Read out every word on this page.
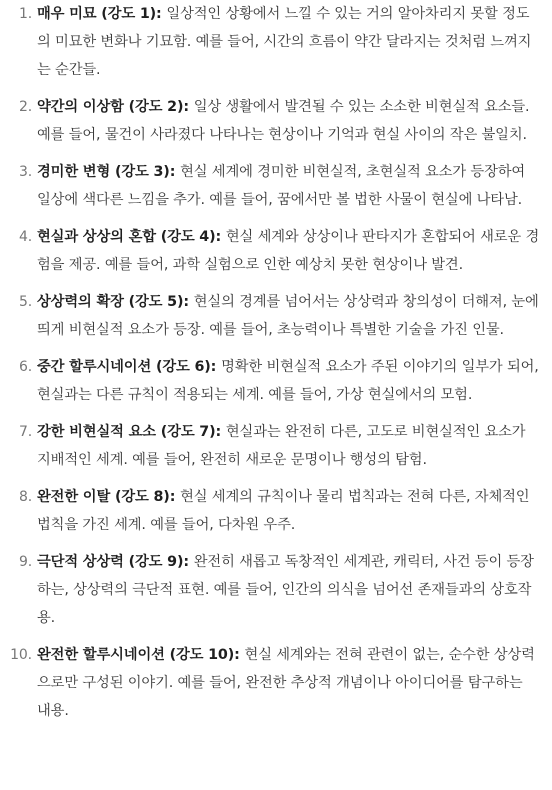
1. 매우 미묘 (강도 1): 일상적인 상황에서 느낄 수 있는 거의 알아차리지 못할 정도의 미묘한 변화나 기묘함. 예를 들어, 시간의 흐름이 약간 달라지는 것처럼 느껴지는 순간들.
2. 약간의 이상함 (강도 2): 일상 생활에서 발견될 수 있는 소소한 비현실적 요소들. 예를 들어, 물건이 사라졌다 나타나는 현상이나 기억과 현실 사이의 작은 불일치.
3. 경미한 변형 (강도 3): 현실 세계에 경미한 비현실적, 초현실적 요소가 등장하여 일상에 색다른 느낌을 추가. 예를 들어, 꿈에서만 볼 법한 사물이 현실에 나타남.
4. 현실과 상상의 혼합 (강도 4): 현실 세계와 상상이나 판타지가 혼합되어 새로운 경험을 제공. 예를 들어, 과학 실험으로 인한 예상치 못한 현상이나 발견.
5. 상상력의 확장 (강도 5): 현실의 경계를 넘어서는 상상력과 창의성이 더해져, 눈에 띄게 비현실적 요소가 등장. 예를 들어, 초능력이나 특별한 기술을 가진 인물.
6. 중간 할루시네이션 (강도 6): 명확한 비현실적 요소가 주된 이야기의 일부가 되어, 현실과는 다른 규칙이 적용되는 세계. 예를 들어, 가상 현실에서의 모험.
7. 강한 비현실적 요소 (강도 7): 현실과는 완전히 다른, 고도로 비현실적인 요소가 지배적인 세계. 예를 들어, 완전히 새로운 문명이나 행성의 탐험.
8. 완전한 이탈 (강도 8): 현실 세계의 규칙이나 물리 법칙과는 전혀 다른, 자체적인 법칙을 가진 세계. 예를 들어, 다차원 우주.
9. 극단적 상상력 (강도 9): 완전히 새롭고 독창적인 세계관, 캐릭터, 사건 등이 등장하는, 상상력의 극단적 표현. 예를 들어, 인간의 의식을 넘어선 존재들과의 상호작용.
10. 완전한 할루시네이션 (강도 10): 현실 세계와는 전혀 관련이 없는, 순수한 상상력으로만 구성된 이야기. 예를 들어, 완전한 추상적 개념이나 아이디어를 탐구하는 내용.
